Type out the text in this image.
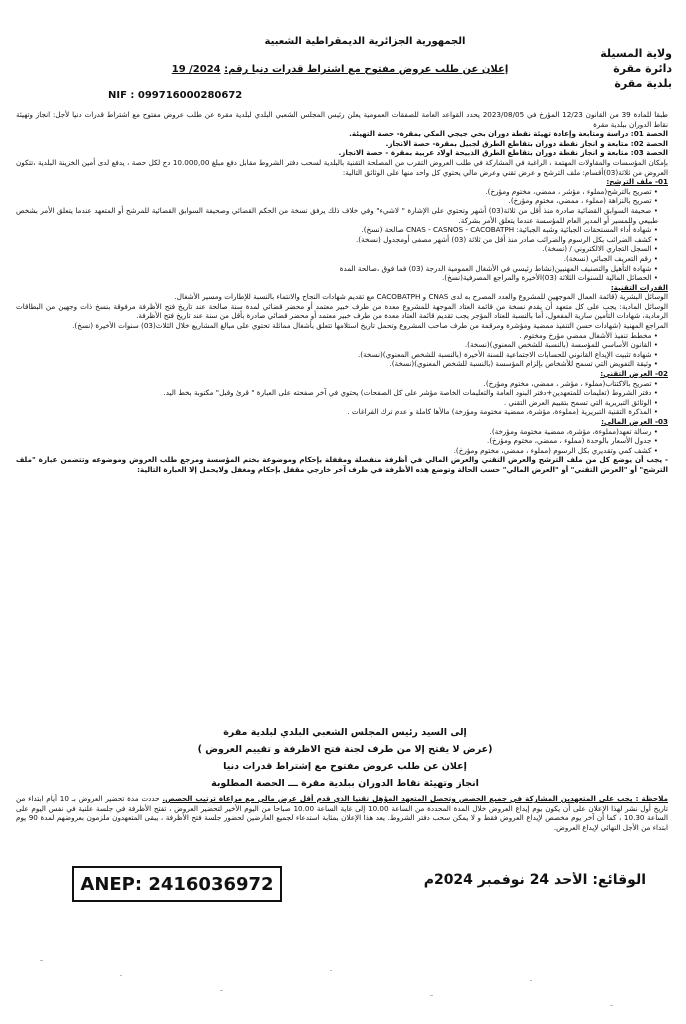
ولاية المسيلة
دائرة مقرة
بلدية مقرة
الجمهورية الجزائرية الديمقراطية الشعبية
إعلان عن طلب عروض مفتوح مع اشتراط قدرات دنيا رقم: 2024/ 19
NIF : 099716000280672

طبقا للمادة 39 من القانون 12/23 المؤرخ في 2023/08/05 يحدد القواعد العامة للصفقات العمومية يعلن رئيس المجلس الشعبي البلدي لبلدية مقرة عن طلب عروض مفتوح مع اشتراط قدرات دنيا لأجل: انجاز وتهيئة نقاط الدوران ببلدية مقرة

الحصة 01: دراسة ومتابعة وإعادة تهيئة نقطة دوران بحي جيجي المكي بمقرة- حصة التهيئة.

الحصة 02: متابعة و انجاز نقطة دوران بتقاطع الطرق لجبيل بمقرة- حصة الانجاز.

الحصة 03: متابعة و انجاز نقطة دوران بتقاطع الطرق الذبيحة اولاد عربية بمقرة - حصة الانجاز.

بإمكان المؤسسات والمقاولات المهتمة ، الراغبة في المشاركة في طلب العروض التقرب من المصلحة التقنية بالبلدية لسحب دفتر الشروط مقابل دفع مبلغ 10.000,00 دج لكل حصة ، يدفع لدى أمين الخزينة البلدية ،تتكون العروض من ثلاثة(03)أقسام: ملف الترشح و عرض تقني وعرض مالي يحتوي كل واحد منها على الوثائق التالية:

01- ملف الترشح:

• تصريح بالترشح(مملوء ، مؤشر ، ممضي، مختوم ومؤرخ).
• تصريح بالنزاهة (مملوء ، ممضي، مختوم ومؤرخ).
• صحيفة السوابق القضائية صادرة منذ أقل من ثلاثة(03) أشهر وتحتوي على الإشارة " لاشيء" وفي خلاف ذلك يرفق نسخة من الحكم القضائي وصحيفة السوابق القضائية للمرشح أو المتعهد عندما يتعلق الأمر بشخص طبيعي وللمسير أو المدير العام للمؤسسة عندما يتعلق الأمر بشركة.
• شهادة أداء المستحقات الجبائية وشبه الجبائية: CNAS - CASNOS - CACOBATPH صالحة (نسخ).
• كشف الضرائب بكل الرسوم والضرائب صادر منذ أقل من ثلاثة (03) أشهر مصفى أومجدول (نسخة).
• السجل التجاري الالكتروني / (نسخة).
• رقم التعريف الجبائي (نسخة).
• شهادة التأهيل والتصنيف المهنيين(نشاط رئيسي في الأشغال العمومية الدرجة (03) فما فوق ،صالحة المدة
• الحصائل المالية للسنوات الثلاثة (03)الأخيرة والمراجع المصرفية(نسخ).

القدرات التقنية:

الوسائل البشرية (قائمة العمال الموجهين للمشروع والعدد المصرح به لدى CNAS و CACOBATPH مع تقديم شهادات النجاح والانتماء بالنسبة للإطارات ومسير الأشغال.

الوسائل المادية: يجب على كل متعهد أن يقدم نسخة من قائمة العتاد الموجهة للمشروع معدة من طرف خبير معتمد أو محضر قضائي لمدة سنة صالحة عند تاريخ فتح الأظرفة مرفوقة بنسخ ذات وجهين من البطاقات الرمادية، شهادات التأمين سارية المفعول، أما بالنسبة للعتاد المؤجر يجب تقديم قائمة العتاد معدة من طرف خبير معتمد أو محضر قضائي صادرة بأقل من سنة عند تاريخ فتح الأظرفة.

المراجع المهنية (شهادات حسن التنفيذ ممضية ومؤشرة ومرقمة من طرف صاحب المشروع وتحمل تاريخ استلامها تتعلق بأشغال مماثلة تحتوي على مبالغ المشاريع خلال الثلاث(03) سنوات الأخيرة (نسخ).

• مخطط تنفيذ الأشغال ممضي مؤرخ ومختوم .
• القانون الأساسي للمؤسسة (بالنسبة للشخص المعنوي)(نسخة).
• شهادة تثبيت الإيداع القانوني للحسابات الاجتماعية للسنة الأخيرة (بالنسبة للشخص المعنوي)(نسخة).
• وثيقة التفويض التي تسمح للأشخاص بإلزام المؤسسة (بالنسبة للشخص المعنوي)(نسخة).

02- العرض التقني:

• تصريح بالاكتتاب(مملوء ، مؤشر ، ممضي، مختوم ومؤرخ).
• دفتر الشروط (تعليمات للمتعهدين+دفتر البنود العامة والتعليمات الخاصة مؤشر على كل الصفحات) يحتوي في آخر صفحته على العبارة " قرئ وقبل" مكتوبة بخط اليد.
• الوثائق التبريرية التي تسمح بتقييم العرض التقني .
• المذكرة التقنية التبريرية (مملوءة، مؤشرة، ممضية مختومة ومؤرخة) مالأها كاملة و عدم ترك الفراغات .

03- العرض المالي:

• رسالة تعهد(مملوءة، مؤشرة، ممضية مختومة ومؤرخة).
• جدول الأسعار بالوحدة (مملوء ، ممضي، مختوم ومؤرخ).
• كشف كمي وتقديري بكل الرسوم (مملوء ، ممضي، مختوم ومؤرخ).

- يجب أن يوضع كل من ملف الترشح والعرض التقني والعرض المالي في أظرفة منفصلة ومقفلة بإحكام وموضوعة بختم المؤسسة ومرجع طلب العروض وموضوعه وتتضمن عبارة "ملف الترشح" أو "العرض التقني" أو "العرض المالي" حسب الحالة وتوضع هذه الأظرفة في ظرف آخر خارجي مقفل بإحكام ومغفل ولايحمل إلا العبارة التالية:

إلى السيد رئيس المجلس الشعبي البلدي لبلدية مقرة
(عرض لا يفتح إلا من طرف لجنة فتح الاظرفة و تقييم العروض )
إعلان عن طلب عروض مفتوح مع إشتراط قدرات دنيا
انجاز وتهيئة نقاط الدوران ببلدية مقرة ـــ الحصة المطلوبة
ملاحظة : يجب على المتعهدين المشاركة في جميع الحصص وتحصل المتعهد المؤهل تقنيا الذي قدم أقل عرض مالي مع مراعاة ترتيب الحصص. حددت مدة تحضير العروض بـ 10 أيام ابتداء من تاريخ أول نشر لهذا الإعلان على أن يكون يوم إيداع العروض خلال المدة المحددة من الساعة 10.00 إلى غاية الساعة 10.00 صباحا من اليوم الأخير لتحضير العروض ، تفتح الأظرفة في جلسة علنية في نفس اليوم على الساعة 10.30 ، كما أن آخر يوم مخصص لإيداع العروض فقط و لا يمكن سحب دفتر الشروط. يعد هذا الإعلان بمثابة استدعاء لجميع العارضين لحضور جلسة فتح الأظرفة ، يبقى المتعهدون ملزمون بعروضهم لمدة 90 يوم ابتداء من الأجل النهائي لإيداع العروض.
ANEP: 2416036972	الوقائع: الأحد 24 نوفمبر 2024م
